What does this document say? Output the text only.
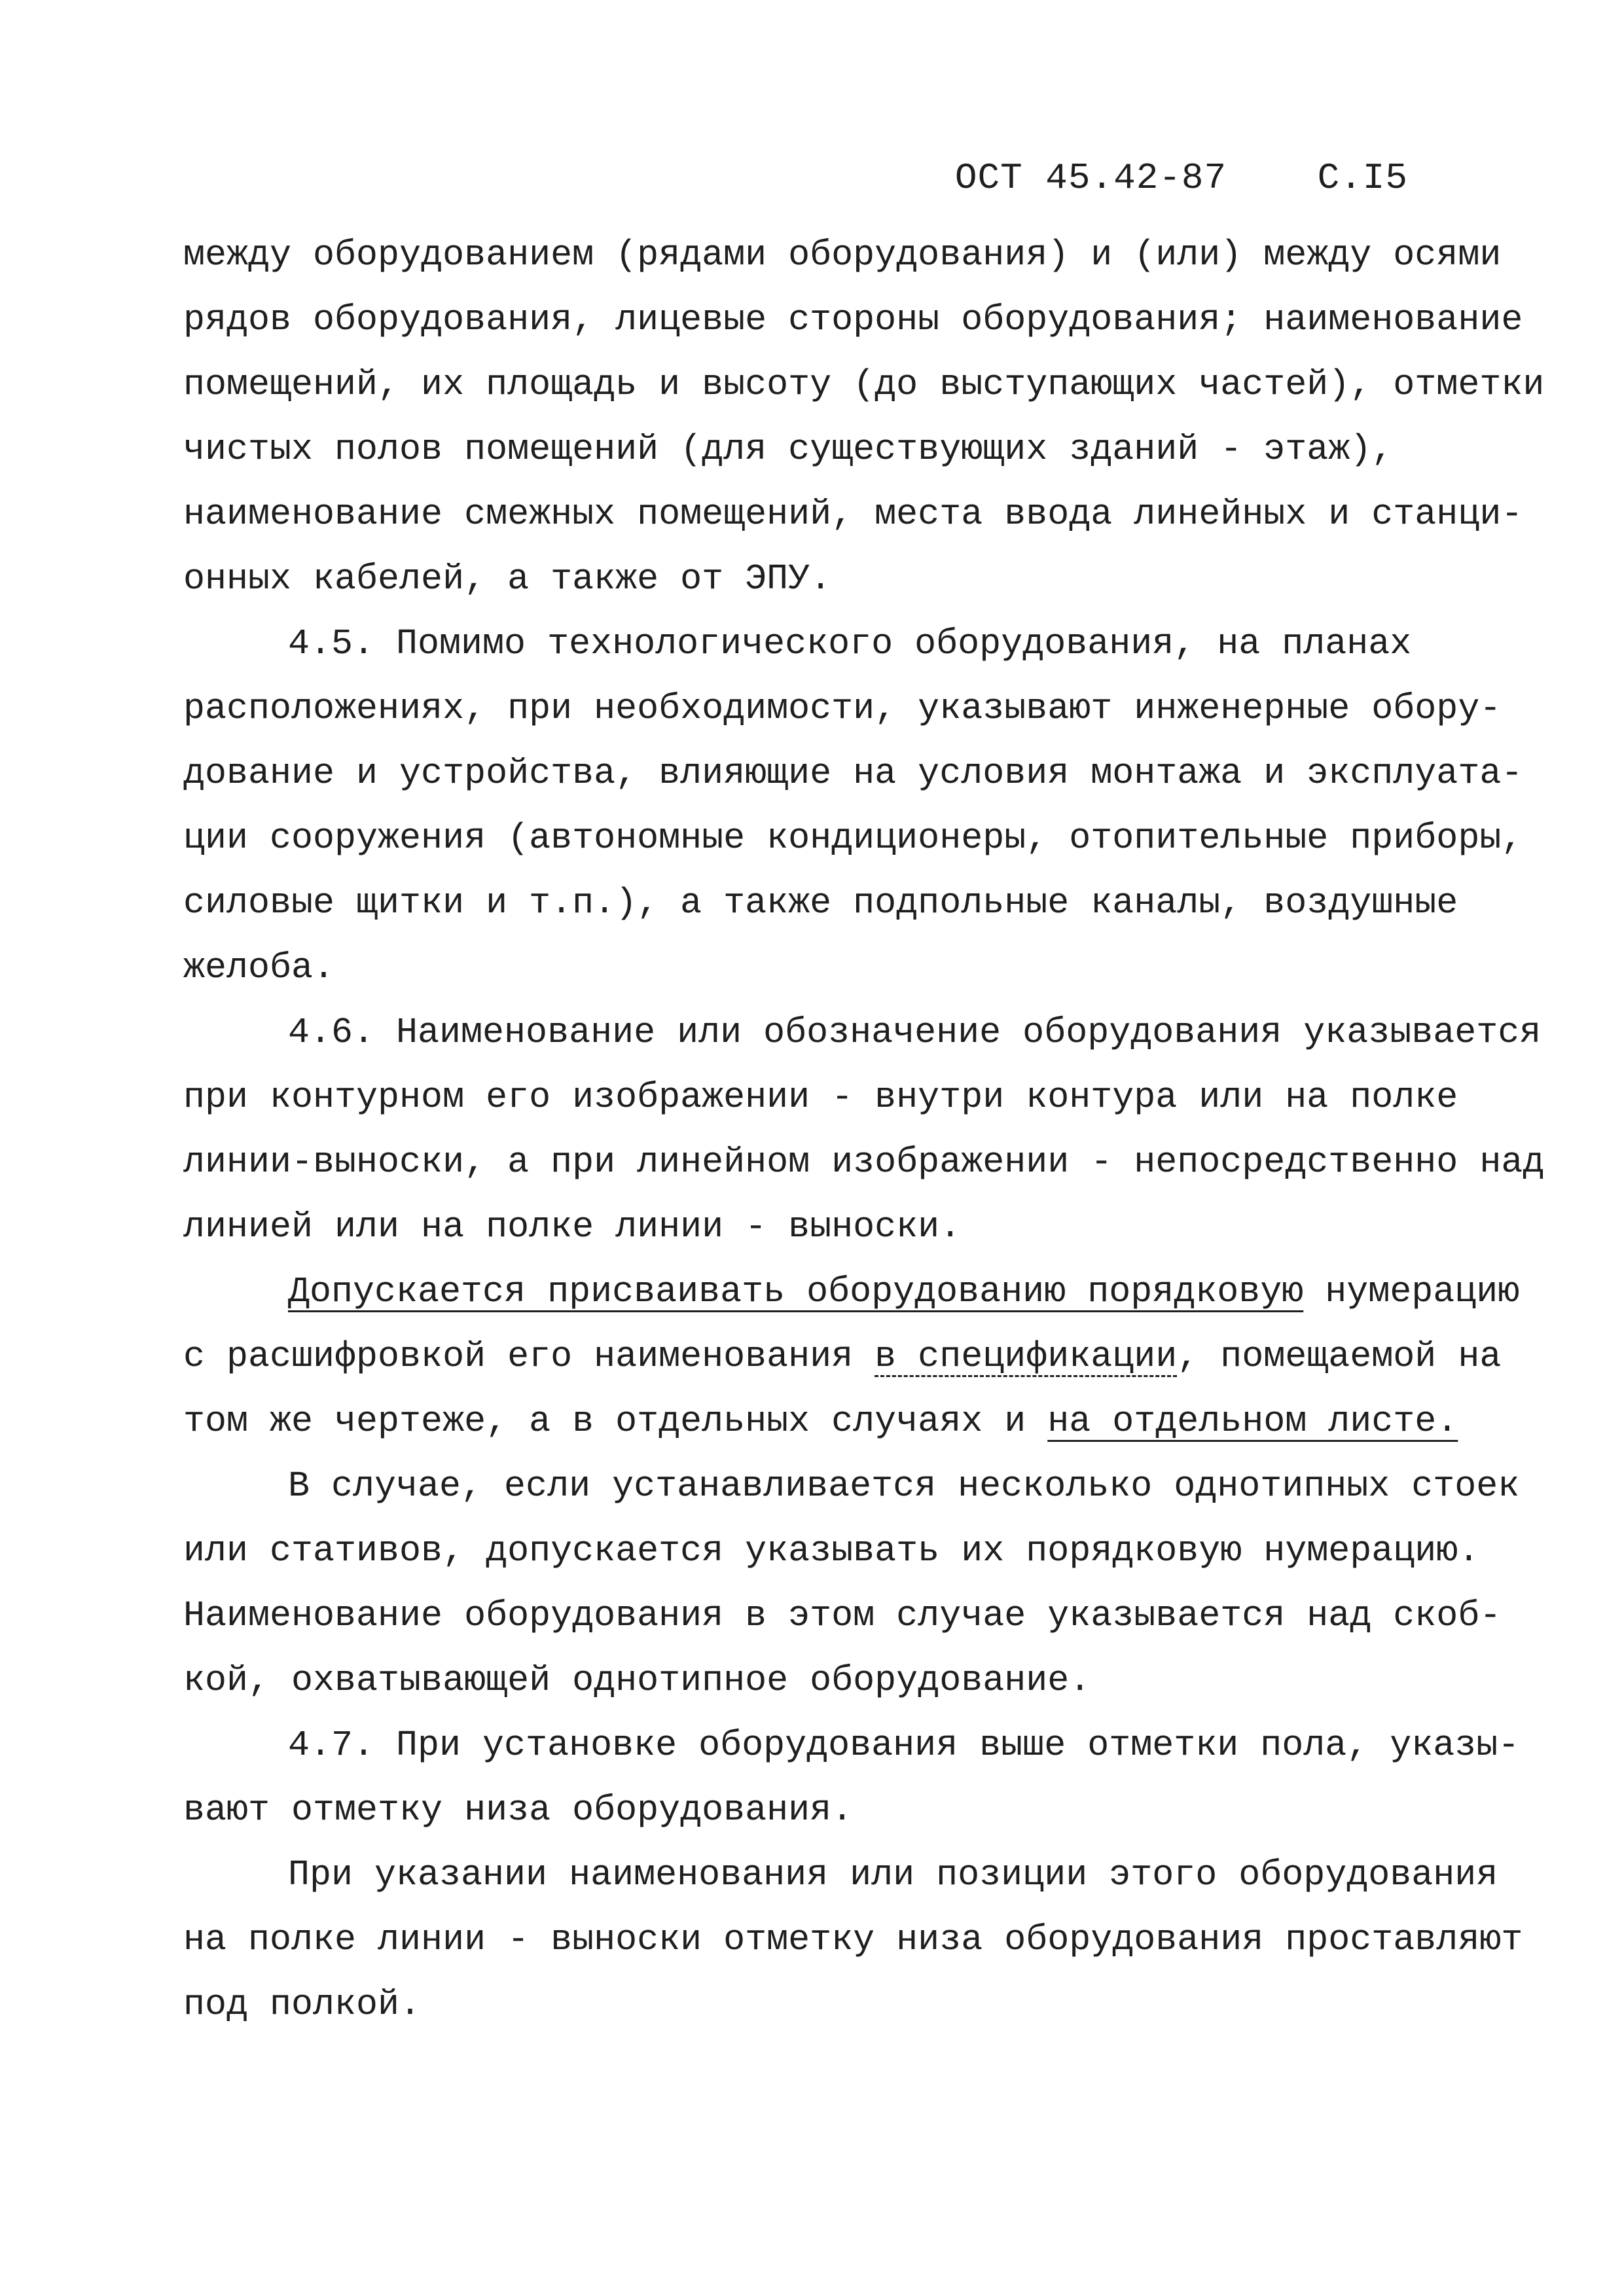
ОСТ 45.42-87 С.I5
между оборудованием (рядами оборудования) и (или) между осями
рядов оборудования, лицевые стороны оборудования; наименование
помещений, их площадь и высоту (до выступающих частей), отметки
чистых полов помещений (для существующих зданий - этаж),
наименование смежных помещений, места ввода линейных и станци-
онных кабелей, а также от ЭПУ.
4.5. Помимо технологического оборудования, на планах
расположениях, при необходимости, указывают инженерные обору-
дование и устройства, влияющие на условия монтажа и эксплуата-
ции сооружения (автономные кондиционеры, отопительные приборы,
силовые щитки и т.п.), а также подпольные каналы, воздушные
желоба.
4.6. Наименование или обозначение оборудования указывается
при контурном его изображении - внутри контура или на полке
линии-выноски, а при линейном изображении - непосредственно над
линией или на полке линии - выноски.
Допускается присваивать оборудованию порядковую нумерацию
с расшифровкой его наименования в спецификации, помещаемой на
том же чертеже, а в отдельных случаях и на отдельном листе.
В случае, если устанавливается несколько однотипных стоек
или стативов, допускается указывать их порядковую нумерацию.
Наименование оборудования в этом случае указывается над скоб-
кой, охватывающей однотипное оборудование.
4.7. При установке оборудования выше отметки пола, указы-
вают отметку низа оборудования.
При указании наименования или позиции этого оборудования
на полке линии - выноски отметку низа оборудования проставляют
под полкой.
